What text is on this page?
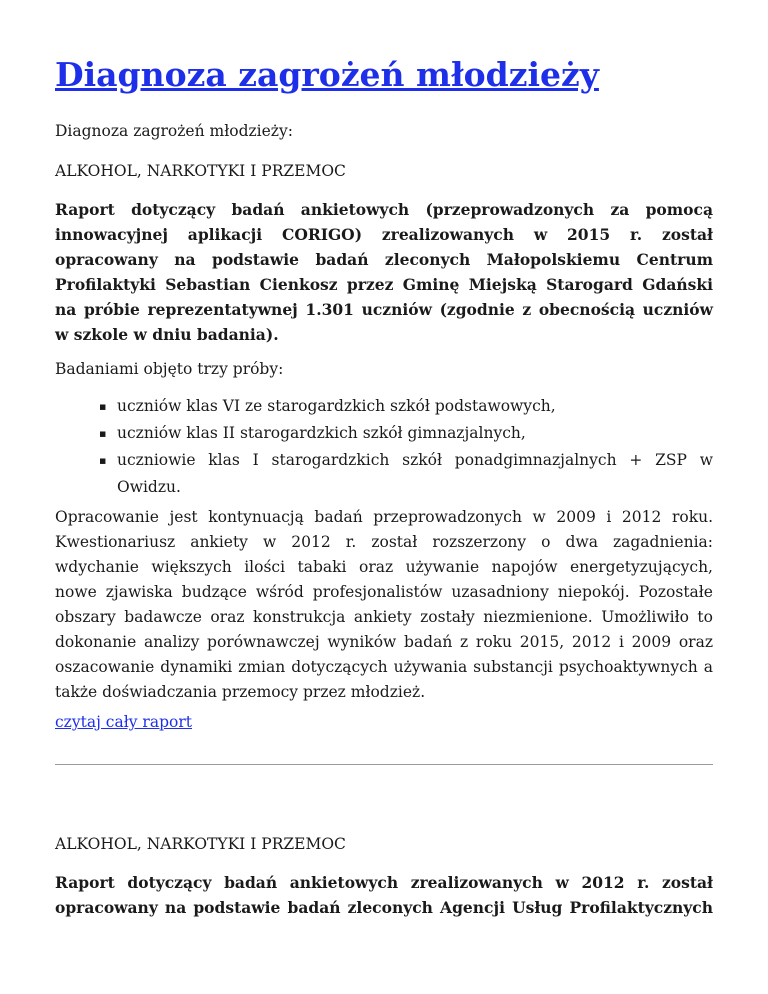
Diagnoza zagrożeń młodzieży

Diagnoza zagrożeń młodzieży:

ALKOHOL, NARKOTYKI I PRZEMOC

Raport dotyczący badań ankietowych (przeprowadzonych za pomocą

innowacyjnej aplikacji CORIGO) zrealizowanych w 2015 r. został

opracowany na podstawie badań zleconych Małopolskiemu Centrum

Profilaktyki Sebastian Cienkosz przez Gminę Miejską Starogard Gdański

na próbie reprezentatywnej 1.301 uczniów (zgodnie z obecnością uczniów

w szkole w dniu badania).

Badaniami objęto trzy próby:

▪ uczniów klas VI ze starogardzkich szkół podstawowych,
▪ uczniów klas II starogardzkich szkół gimnazjalnych,
▪ uczniowie klas I starogardzkich szkół ponadgimnazjalnych + ZSP w
Owidzu.

Opracowanie jest kontynuacją badań przeprowadzonych w 2009 i 2012 roku.

Kwestionariusz ankiety w 2012 r. został rozszerzony o dwa zagadnienia:

wdychanie większych ilości tabaki oraz używanie napojów energetyzujących,

nowe zjawiska budzące wśród profesjonalistów uzasadniony niepokój. Pozostałe

obszary badawcze oraz konstrukcja ankiety zostały niezmienione. Umożliwiło to

dokonanie analizy porównawczej wyników badań z roku 2015, 2012 i 2009 oraz

oszacowanie dynamiki zmian dotyczących używania substancji psychoaktywnych a

także doświadczania przemocy przez młodzież.

czytaj cały raport

ALKOHOL, NARKOTYKI I PRZEMOC

Raport dotyczący badań ankietowych zrealizowanych w 2012 r. został

opracowany na podstawie badań zleconych Agencji Usług Profilaktycznych
